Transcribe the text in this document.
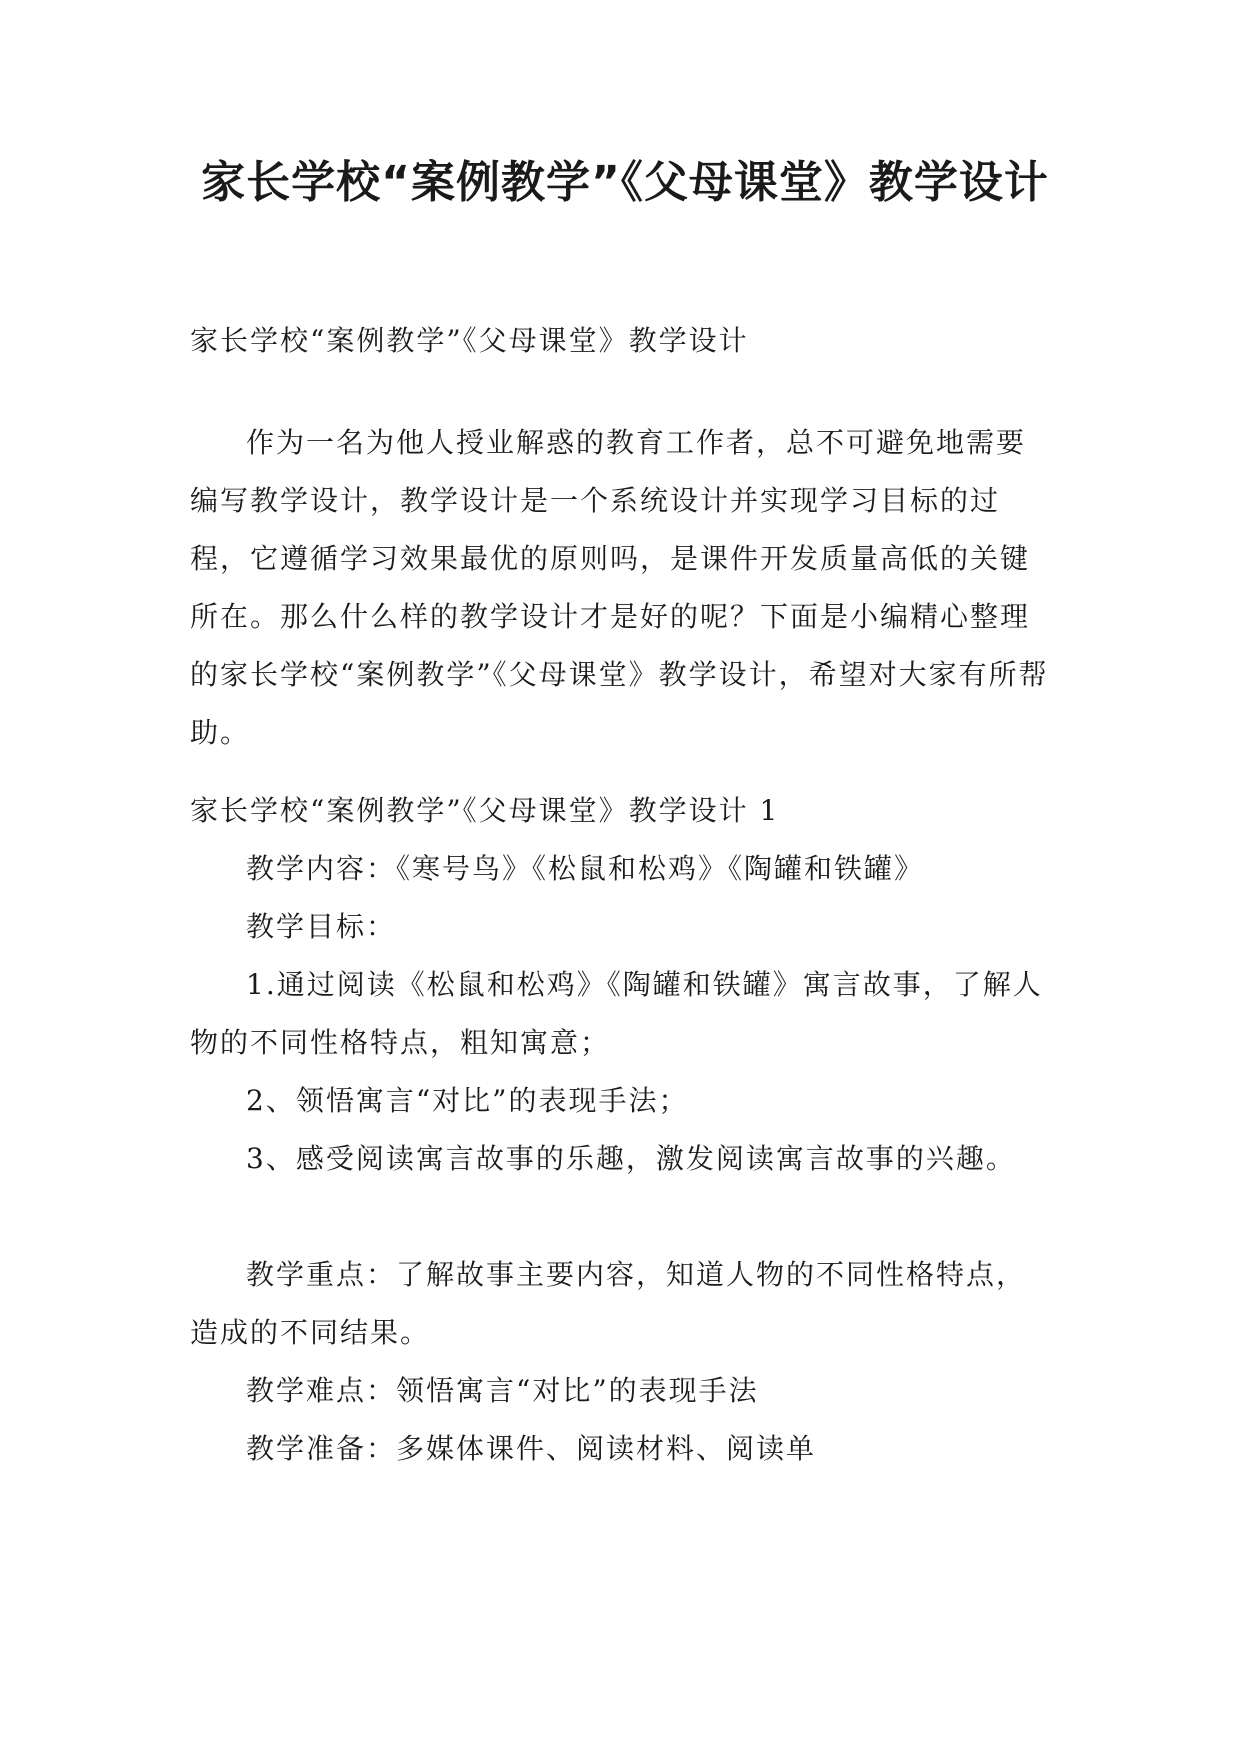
家长学校“案例教学”《父母课堂》教学设计

家长学校“案例教学”《父母课堂》教学设计

作为一名为他人授业解惑的教育工作者，总不可避免地需要编写教学设计，教学设计是一个系统设计并实现学习目标的过程，它遵循学习效果最优的原则吗，是课件开发质量高低的关键所在。那么什么样的教学设计才是好的呢？下面是小编精心整理的家长学校“案例教学”《父母课堂》教学设计，希望对大家有所帮助。

家长学校“案例教学”《父母课堂》教学设计 1

教学内容：《寒号鸟》《松鼠和松鸡》《陶罐和铁罐》

教学目标：

1.通过阅读《松鼠和松鸡》《陶罐和铁罐》寓言故事，了解人物的不同性格特点，粗知寓意；

2、领悟寓言“对比”的表现手法；

3、感受阅读寓言故事的乐趣，激发阅读寓言故事的兴趣。

教学重点：了解故事主要内容，知道人物的不同性格特点，造成的不同结果。

教学难点：领悟寓言“对比”的表现手法

教学准备：多媒体课件、阅读材料、阅读单
